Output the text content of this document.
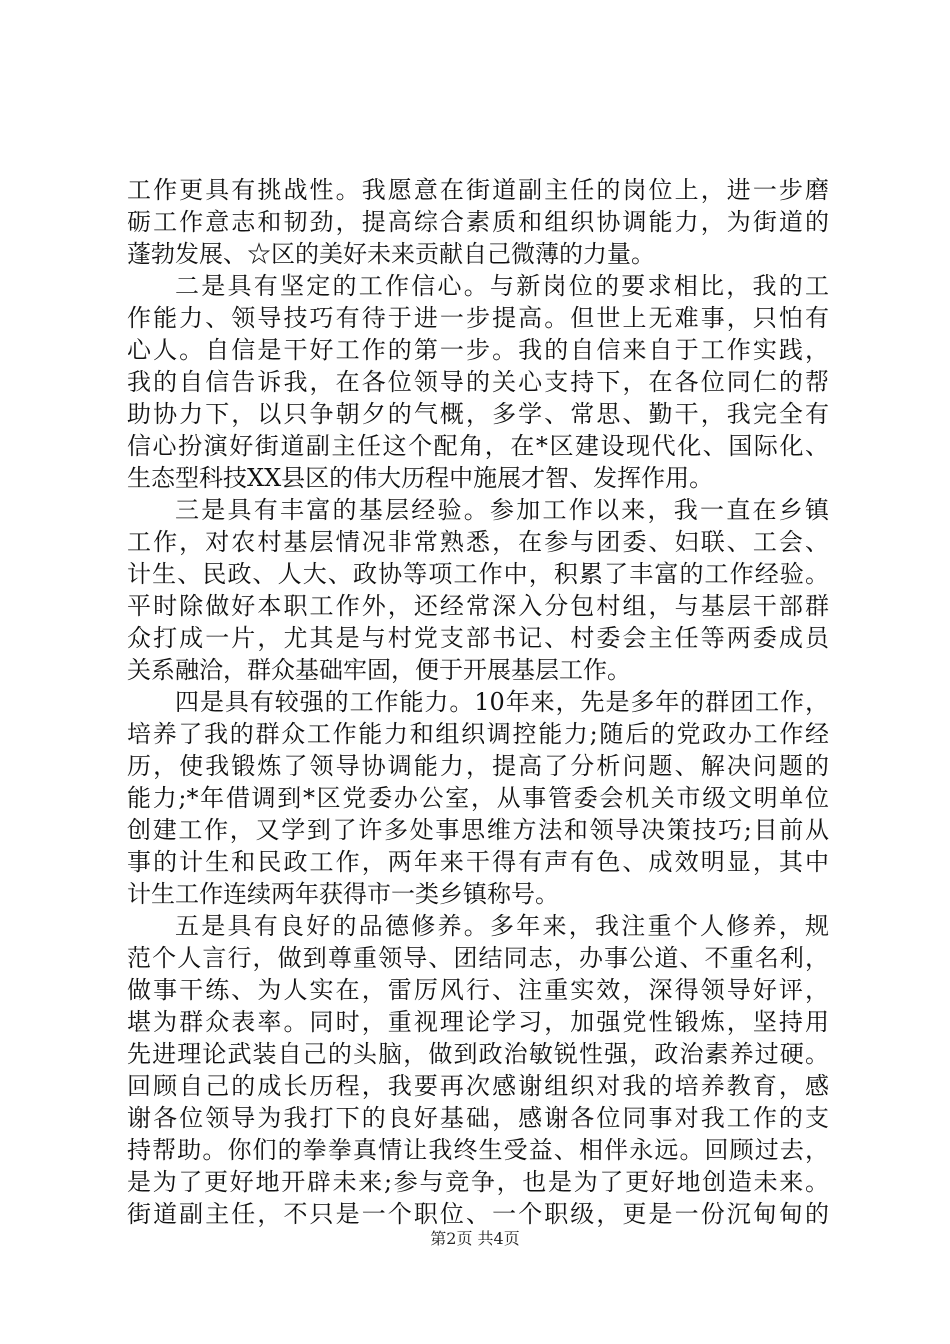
工作更具有挑战性。我愿意在街道副主任的岗位上，进一步磨
砺工作意志和韧劲，提高综合素质和组织协调能力，为街道的
蓬勃发展、☆区的美好未来贡献自己微薄的力量。
二是具有坚定的工作信心。与新岗位的要求相比，我的工
作能力、领导技巧有待于进一步提高。但世上无难事，只怕有
心人。自信是干好工作的第一步。我的自信来自于工作实践，
我的自信告诉我，在各位领导的关心支持下，在各位同仁的帮
助协力下，以只争朝夕的气概，多学、常思、勤干，我完全有
信心扮演好街道副主任这个配角，在*区建设现代化、国际化、
生态型科技XX县区的伟大历程中施展才智、发挥作用。
三是具有丰富的基层经验。参加工作以来，我一直在乡镇
工作，对农村基层情况非常熟悉，在参与团委、妇联、工会、
计生、民政、人大、政协等项工作中，积累了丰富的工作经验。
平时除做好本职工作外，还经常深入分包村组，与基层干部群
众打成一片，尤其是与村党支部书记、村委会主任等两委成员
关系融洽，群众基础牢固，便于开展基层工作。
四是具有较强的工作能力。10年来，先是多年的群团工作，
培养了我的群众工作能力和组织调控能力;随后的党政办工作经
历，使我锻炼了领导协调能力，提高了分析问题、解决问题的
能力;*年借调到*区党委办公室，从事管委会机关市级文明单位
创建工作，又学到了许多处事思维方法和领导决策技巧;目前从
事的计生和民政工作，两年来干得有声有色、成效明显，其中
计生工作连续两年获得市一类乡镇称号。
五是具有良好的品德修养。多年来，我注重个人修养，规
范个人言行，做到尊重领导、团结同志，办事公道、不重名利，
做事干练、为人实在，雷厉风行、注重实效，深得领导好评，
堪为群众表率。同时，重视理论学习，加强党性锻炼，坚持用
先进理论武装自己的头脑，做到政治敏锐性强，政治素养过硬。
回顾自己的成长历程，我要再次感谢组织对我的培养教育，感
谢各位领导为我打下的良好基础，感谢各位同事对我工作的支
持帮助。你们的拳拳真情让我终生受益、相伴永远。回顾过去，
是为了更好地开辟未来;参与竞争，也是为了更好地创造未来。
街道副主任，不只是一个职位、一个职级，更是一份沉甸甸的
第2页 共4页
